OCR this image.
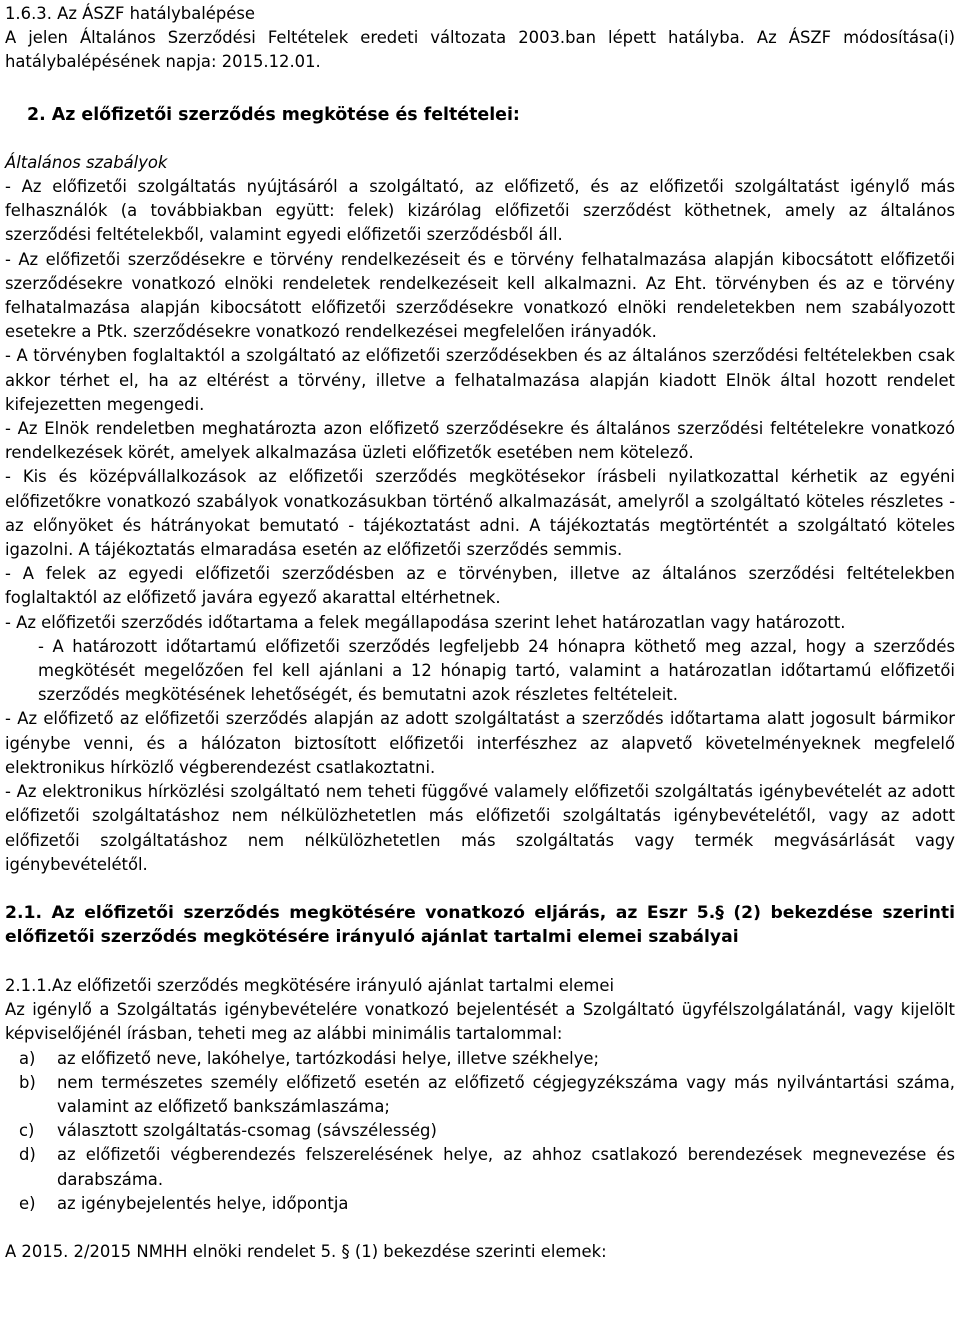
1.6.3. Az ÁSZF hatálybalépése

A jelen Általános Szerződési Feltételek eredeti változata 2003.ban lépett hatályba. Az ÁSZF módosítása(i) hatálybalépésének napja: 2015.12.01.

2. Az előfizetői szerződés megkötése és feltételei:

Általános szabályok

- Az előfizetői szolgáltatás nyújtásáról a szolgáltató, az előfizető, és az előfizetői szolgáltatást igénylő más felhasználók (a továbbiakban együtt: felek) kizárólag előfizetői szerződést köthetnek, amely az általános szerződési feltételekből, valamint egyedi előfizetői szerződésből áll.

- Az előfizetői szerződésekre e törvény rendelkezéseit és e törvény felhatalmazása alapján kibocsátott előfizetői szerződésekre vonatkozó elnöki rendeletek rendelkezéseit kell alkalmazni. Az Eht. törvényben és az e törvény felhatalmazása alapján kibocsátott előfizetői szerződésekre vonatkozó elnöki rendeletekben nem szabályozott esetekre a Ptk. szerződésekre vonatkozó rendelkezései megfelelően irányadók.

- A törvényben foglaltaktól a szolgáltató az előfizetői szerződésekben és az általános szerződési feltételekben csak akkor térhet el, ha az eltérést a törvény, illetve a felhatalmazása alapján kiadott Elnök által hozott rendelet kifejezetten megengedi.

- Az Elnök rendeletben meghatározta azon előfizető szerződésekre és általános szerződési feltételekre vonatkozó rendelkezések körét, amelyek alkalmazása üzleti előfizetők esetében nem kötelező.

- Kis és középvállalkozások az előfizetői szerződés megkötésekor írásbeli nyilatkozattal kérhetik az egyéni előfizetőkre vonatkozó szabályok vonatkozásukban történő alkalmazását, amelyről a szolgáltató köteles részletes - az előnyöket és hátrányokat bemutató - tájékoztatást adni. A tájékoztatás megtörténtét a szolgáltató köteles igazolni. A tájékoztatás elmaradása esetén az előfizetői szerződés semmis.

- A felek az egyedi előfizetői szerződésben az e törvényben, illetve az általános szerződési feltételekben foglaltaktól az előfizető javára egyező akarattal eltérhetnek.

- Az előfizetői szerződés időtartama a felek megállapodása szerint lehet határozatlan vagy határozott.

- A határozott időtartamú előfizetői szerződés legfeljebb 24 hónapra köthető meg azzal, hogy a szerződés megkötését megelőzően fel kell ajánlani a 12 hónapig tartó, valamint a határozatlan időtartamú előfizetői szerződés megkötésének lehetőségét, és bemutatni azok részletes feltételeit.

- Az előfizető az előfizetői szerződés alapján az adott szolgáltatást a szerződés időtartama alatt jogosult bármikor igénybe venni, és a hálózaton biztosított előfizetői interfészhez az alapvető követelményeknek megfelelő elektronikus hírközlő végberendezést csatlakoztatni.

- Az elektronikus hírközlési szolgáltató nem teheti függővé valamely előfizetői szolgáltatás igénybevételét az adott előfizetői szolgáltatáshoz nem nélkülözhetetlen más előfizetői szolgáltatás igénybevételétől, vagy az adott előfizetői szolgáltatáshoz nem nélkülözhetetlen más szolgáltatás vagy termék megvásárlását vagy igénybevételétől.

2.1. Az előfizetői szerződés megkötésére vonatkozó eljárás, az Eszr 5.§ (2) bekezdése szerinti előfizetői szerződés megkötésére irányuló ajánlat tartalmi elemei szabályai

2.1.1.Az előfizetői szerződés megkötésére irányuló ajánlat tartalmi elemei

Az igénylő a Szolgáltatás igénybevételére vonatkozó bejelentését a Szolgáltató ügyfélszolgálatánál, vagy kijelölt képviselőjénél írásban, teheti meg az alábbi minimális tartalommal:

a)	az előfizető neve, lakóhelye, tartózkodási helye, illetve székhelye;
b)	nem természetes személy előfizető esetén az előfizető cégjegyzékszáma vagy más nyilvántartási száma, valamint az előfizető bankszámlaszáma;
c)	választott szolgáltatás-csomag (sávszélesség)
d)	az előfizetői végberendezés felszerelésének helye, az ahhoz csatlakozó berendezések megnevezése és darabszáma.
e)	az igénybejelentés helye, időpontja

A 2015. 2/2015 NMHH elnöki rendelet 5. § (1) bekezdése szerinti elemek:
